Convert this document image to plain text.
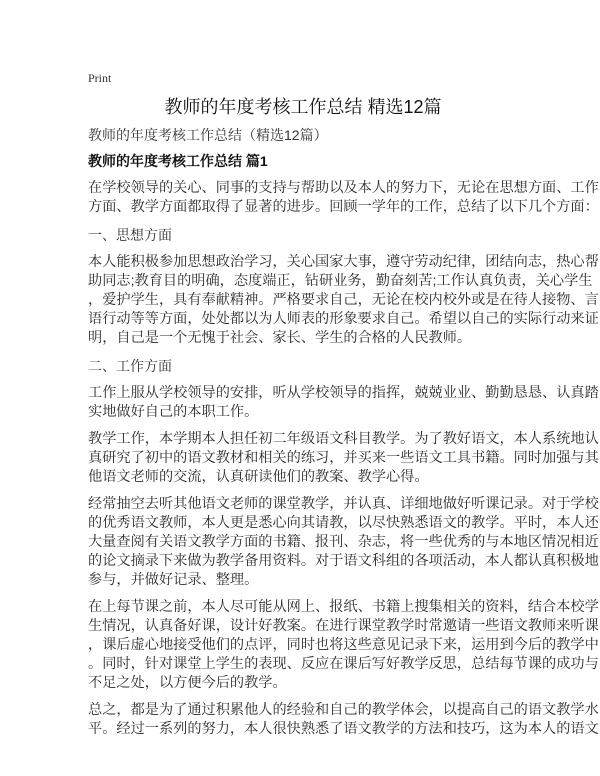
Print
教师的年度考核工作总结 精选12篇
教师的年度考核工作总结（精选12篇）
教师的年度考核工作总结 篇1
在学校领导的关心、同事的支持与帮助以及本人的努力下，无论在思想方面、工作
方面、教学方面都取得了显著的进步。回顾一学年的工作，总结了以下几个方面：
一、思想方面
本人能积极参加思想政治学习，关心国家大事，遵守劳动纪律，团结向志，热心帮
助同志;教育目的明确，态度端正，钻研业务，勤奋刻苦;工作认真负责，关心学生
，爱护学生，具有奉献精神。严格要求自己，无论在校内校外或是在待人接物、言
语行动等等方面，处处都以为人师表的形象要求自己。希望以自己的实际行动来证
明，自己是一个无愧于社会、家长、学生的合格的人民教师。
二、工作方面
工作上服从学校领导的安排，听从学校领导的指挥，兢兢业业、勤勤恳恳、认真踏
实地做好自己的本职工作。
教学工作，本学期本人担任初二年级语文科目教学。为了教好语文，本人系统地认
真研究了初中的语文教材和相关的练习，并买来一些语文工具书籍。同时加强与其
他语文老师的交流，认真研读他们的教案、教学心得。
经常抽空去听其他语文老师的课堂教学，并认真、详细地做好听课记录。对于学校
的优秀语文教师，本人更是悉心向其请教，以尽快熟悉语文的教学。平时，本人还
大量查阅有关语文教学方面的书籍、报刊、杂志，将一些优秀的与本地区情况相近
的论文摘录下来做为教学备用资料。对于语文科组的各项活动，本人都认真积极地
参与，并做好记录、整理。
在上每节课之前，本人尽可能从网上、报纸、书籍上搜集相关的资料，结合本校学
生情况，认真备好课，设计好教案。在进行课堂教学时常邀请一些语文教师来听课
，课后虚心地接受他们的点评，同时也将这些意见记录下来，运用到今后的教学中
。同时，针对课堂上学生的表现、反应在课后写好教学反思，总结每节课的成功与
不足之处，以方便今后的教学。
总之，都是为了通过积累他人的经验和自己的教学体会，以提高自己的语文教学水
平。经过一系列的努力，本人很快熟悉了语文教学的方法和技巧，这为本人的语文
